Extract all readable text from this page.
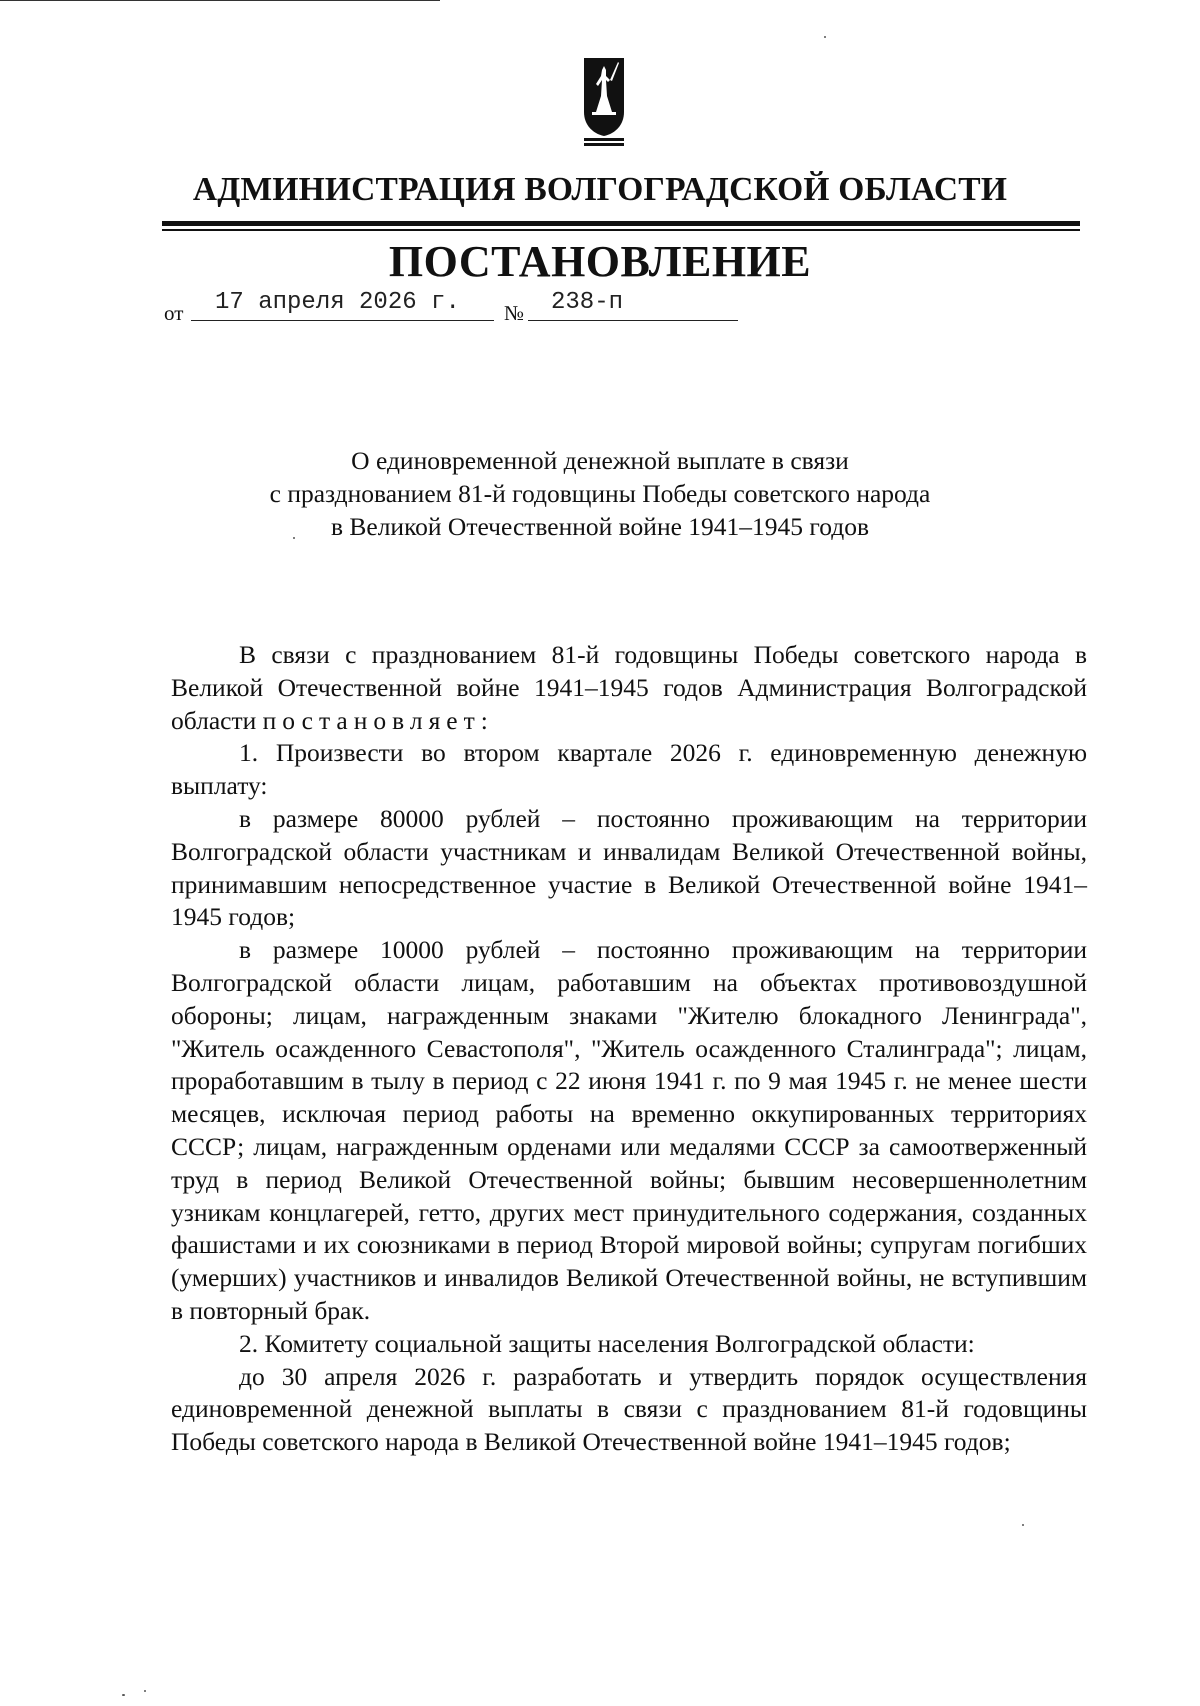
АДМИНИСТРАЦИЯ ВОЛГОГРАДСКОЙ ОБЛАСТИ
ПОСТАНОВЛЕНИЕ
от 17 апреля 2026 г. № 238-п
О единовременной денежной выплате в связи
с празднованием 81-й годовщины Победы советского народа
в Великой Отечественной войне 1941–1945 годов

В связи с празднованием 81-й годовщины Победы советского народа в Великой Отечественной войне 1941–1945 годов Администрация Волгоградской области постановляет:

1. Произвести во втором квартале 2026 г. единовременную денежную выплату:

в размере 80000 рублей – постоянно проживающим на территории Волгоградской области участникам и инвалидам Великой Отечественной войны, принимавшим непосредственное участие в Великой Отечественной войне 1941–1945 годов;

в размере 10000 рублей – постоянно проживающим на территории Волгоградской области лицам, работавшим на объектах противовоздушной обороны; лицам, награжденным знаками "Жителю блокадного Ленинграда", "Житель осажденного Севастополя", "Житель осажденного Сталинграда"; лицам, проработавшим в тылу в период с 22 июня 1941 г. по 9 мая 1945 г. не менее шести месяцев, исключая период работы на временно оккупированных территориях СССР; лицам, награжденным орденами или медалями СССР за самоотверженный труд в период Великой Отечественной войны; бывшим несовершеннолетним узникам концлагерей, гетто, других мест принудительного содержания, созданных фашистами и их союзниками в период Второй мировой войны; супругам погибших (умерших) участников и инвалидов Великой Отечественной войны, не вступившим в повторный брак.

2. Комитету социальной защиты населения Волгоградской области:

до 30 апреля 2026 г. разработать и утвердить порядок осуществления единовременной денежной выплаты в связи с празднованием 81-й годовщины Победы советского народа в Великой Отечественной войне 1941–1945 годов;
